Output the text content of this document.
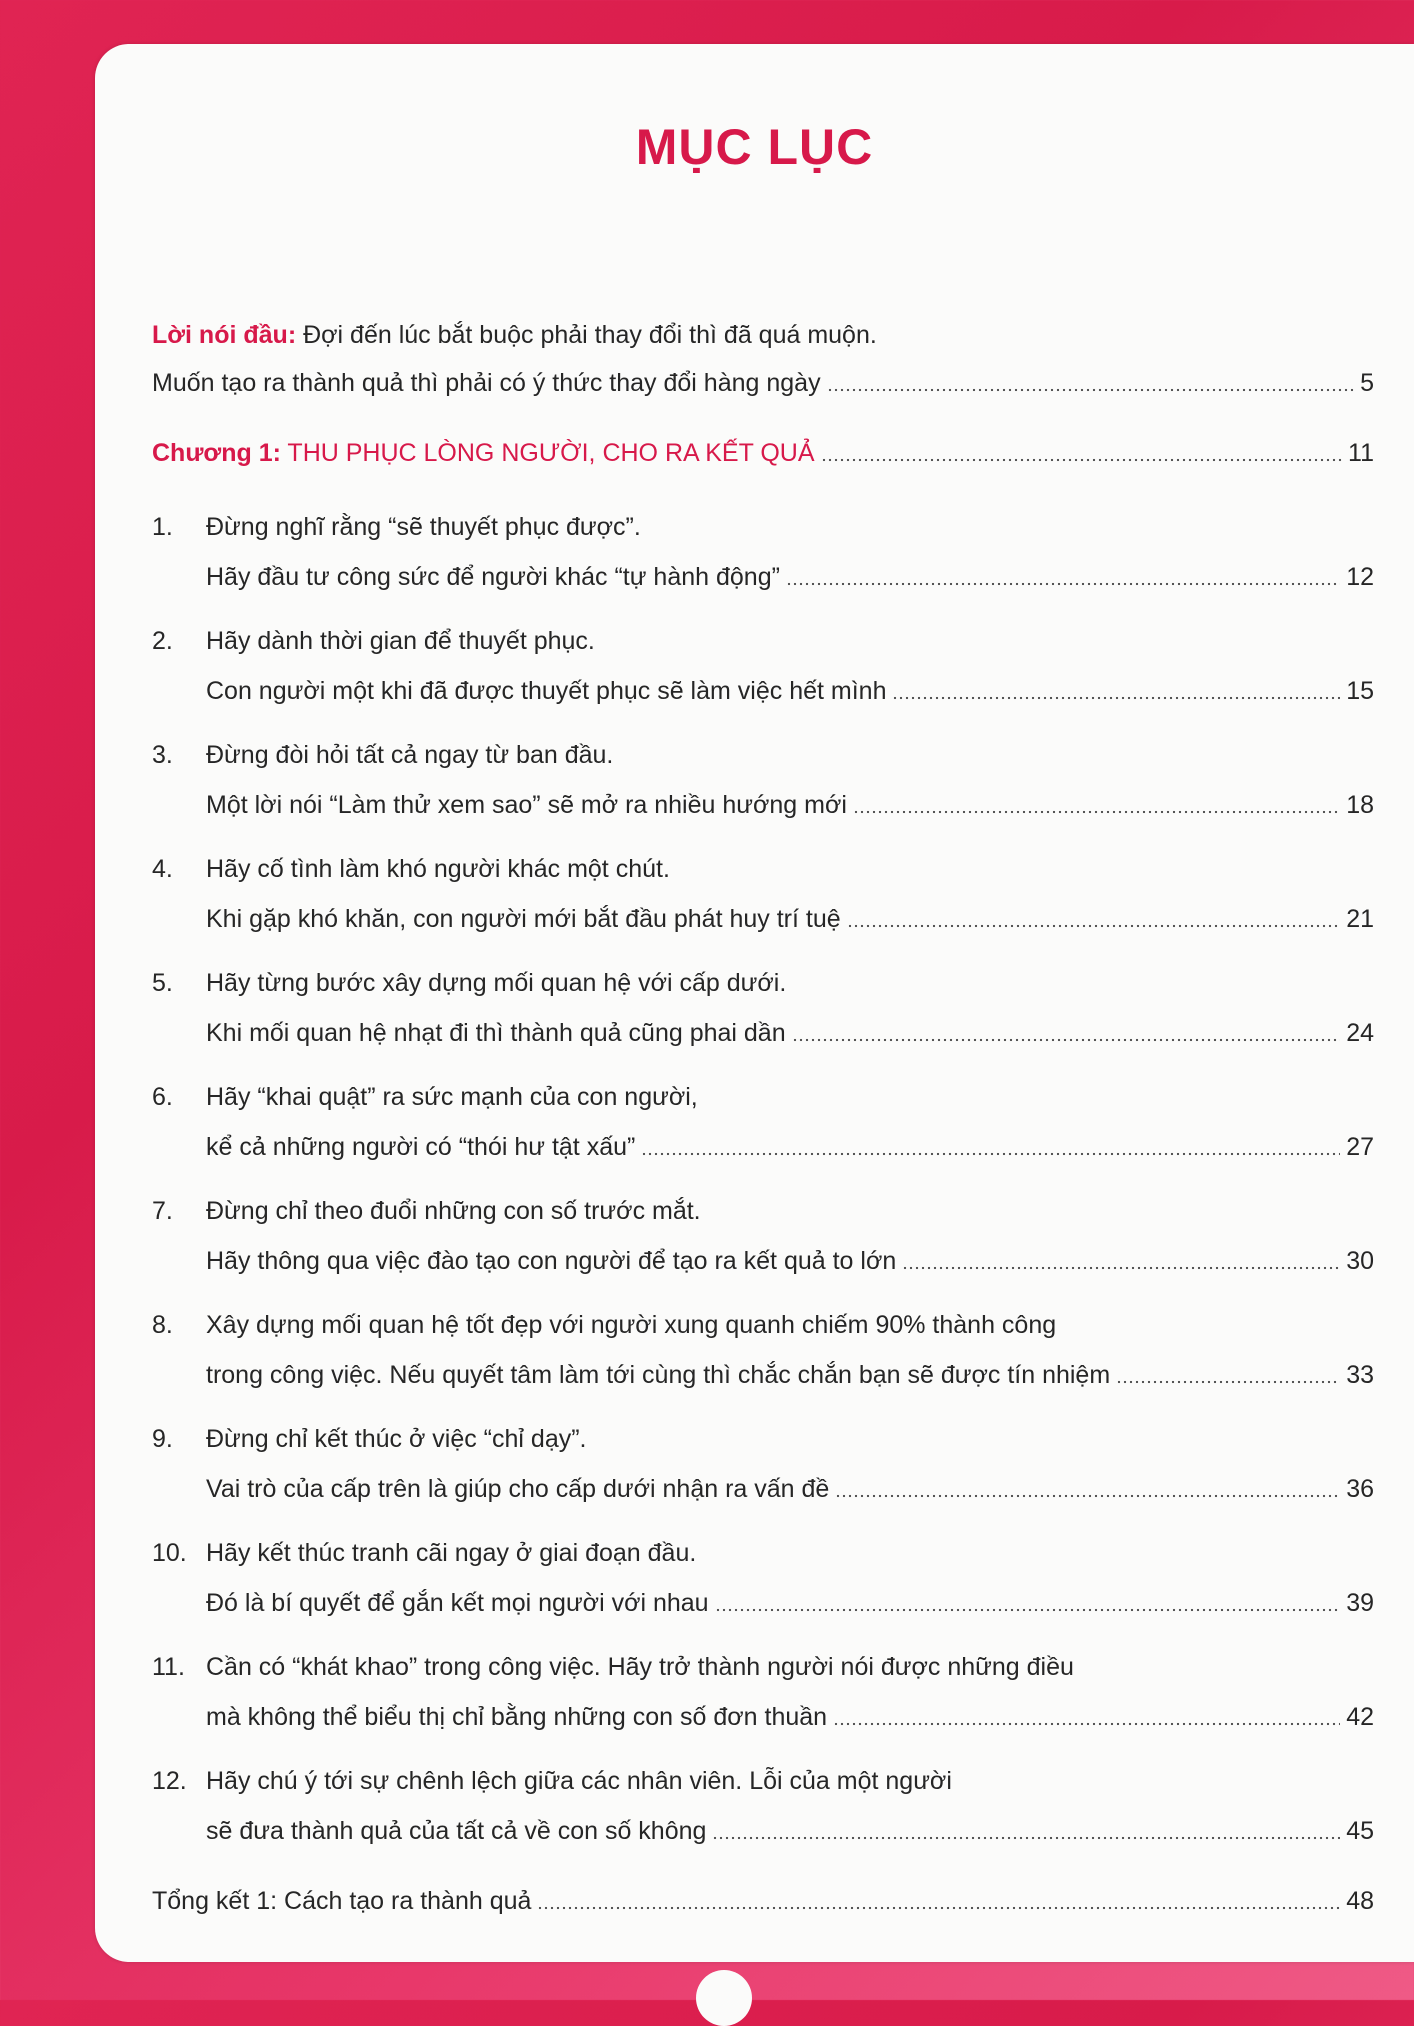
MỤC LỤC
Lời nói đầu: Đợi đến lúc bắt buộc phải thay đổi thì đã quá muộn.
Muốn tạo ra thành quả thì phải có ý thức thay đổi hàng ngày	5
Chương 1: THU PHỤC LÒNG NGƯỜI, CHO RA KẾT QUẢ	11
1.	Đừng nghĩ rằng “sẽ thuyết phục được”.
Hãy đầu tư công sức để người khác “tự hành động”	12
2.	Hãy dành thời gian để thuyết phục.
Con người một khi đã được thuyết phục sẽ làm việc hết mình	15
3.	Đừng đòi hỏi tất cả ngay từ ban đầu.
Một lời nói “Làm thử xem sao” sẽ mở ra nhiều hướng mới	18
4.	Hãy cố tình làm khó người khác một chút.
Khi gặp khó khăn, con người mới bắt đầu phát huy trí tuệ	21
5.	Hãy từng bước xây dựng mối quan hệ với cấp dưới.
Khi mối quan hệ nhạt đi thì thành quả cũng phai dần	24
6.	Hãy “khai quật” ra sức mạnh của con người,
kể cả những người có “thói hư tật xấu”	27
7.	Đừng chỉ theo đuổi những con số trước mắt.
Hãy thông qua việc đào tạo con người để tạo ra kết quả to lớn	30
8.	Xây dựng mối quan hệ tốt đẹp với người xung quanh chiếm 90% thành công
trong công việc. Nếu quyết tâm làm tới cùng thì chắc chắn bạn sẽ được tín nhiệm	33
9.	Đừng chỉ kết thúc ở việc “chỉ dạy”.
Vai trò của cấp trên là giúp cho cấp dưới nhận ra vấn đề	36
10. Hãy kết thúc tranh cãi ngay ở giai đoạn đầu.
Đó là bí quyết để gắn kết mọi người với nhau	39
11. Cần có “khát khao” trong công việc. Hãy trở thành người nói được những điều
mà không thể biểu thị chỉ bằng những con số đơn thuần	42
12. Hãy chú ý tới sự chênh lệch giữa các nhân viên. Lỗi của một người
sẽ đưa thành quả của tất cả về con số không	45
Tổng kết 1: Cách tạo ra thành quả	48
